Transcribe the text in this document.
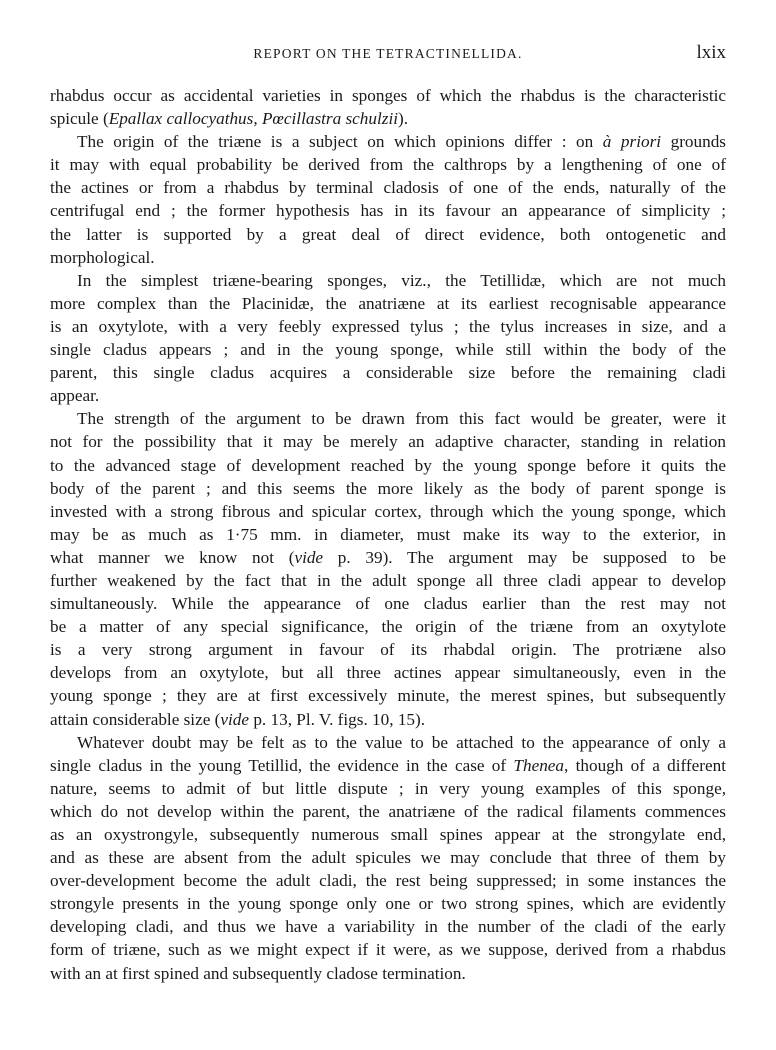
REPORT ON THE TETRACTINELLIDA.	lxix
rhabdus occur as accidental varieties in sponges of which the rhabdus is the characteristic
spicule (Epallax callocyathus, Pœcillastra schulzii).
The origin of the triæne is a subject on which opinions differ : on à priori grounds
it may with equal probability be derived from the calthrops by a lengthening of one of
the actines or from a rhabdus by terminal cladosis of one of the ends, naturally of the
centrifugal end ; the former hypothesis has in its favour an appearance of simplicity ;
the latter is supported by a great deal of direct evidence, both ontogenetic and
morphological.
In the simplest triæne-bearing sponges, viz., the Tetillidæ, which are not much
more complex than the Placinidæ, the anatriæne at its earliest recognisable appearance
is an oxytylote, with a very feebly expressed tylus ; the tylus increases in size, and a
single cladus appears ; and in the young sponge, while still within the body of the
parent, this single cladus acquires a considerable size before the remaining cladi
appear.
The strength of the argument to be drawn from this fact would be greater, were it
not for the possibility that it may be merely an adaptive character, standing in relation
to the advanced stage of development reached by the young sponge before it quits the
body of the parent ; and this seems the more likely as the body of parent sponge is
invested with a strong fibrous and spicular cortex, through which the young sponge, which
may be as much as 1·75 mm. in diameter, must make its way to the exterior, in
what manner we know not (vide p. 39). The argument may be supposed to be
further weakened by the fact that in the adult sponge all three cladi appear to develop
simultaneously. While the appearance of one cladus earlier than the rest may not
be a matter of any special significance, the origin of the triæne from an oxytylote
is a very strong argument in favour of its rhabdal origin. The protriæne also
develops from an oxytylote, but all three actines appear simultaneously, even in the
young sponge ; they are at first excessively minute, the merest spines, but subsequently
attain considerable size (vide p. 13, Pl. V. figs. 10, 15).
Whatever doubt may be felt as to the value to be attached to the appearance of only a
single cladus in the young Tetillid, the evidence in the case of Thenea, though of a different
nature, seems to admit of but little dispute ; in very young examples of this sponge,
which do not develop within the parent, the anatriæne of the radical filaments commences
as an oxystrongyle, subsequently numerous small spines appear at the strongylate end,
and as these are absent from the adult spicules we may conclude that three of them by
over-development become the adult cladi, the rest being suppressed; in some instances the
strongyle presents in the young sponge only one or two strong spines, which are evidently
developing cladi, and thus we have a variability in the number of the cladi of the early
form of triæne, such as we might expect if it were, as we suppose, derived from a rhabdus
with an at first spined and subsequently cladose termination.
